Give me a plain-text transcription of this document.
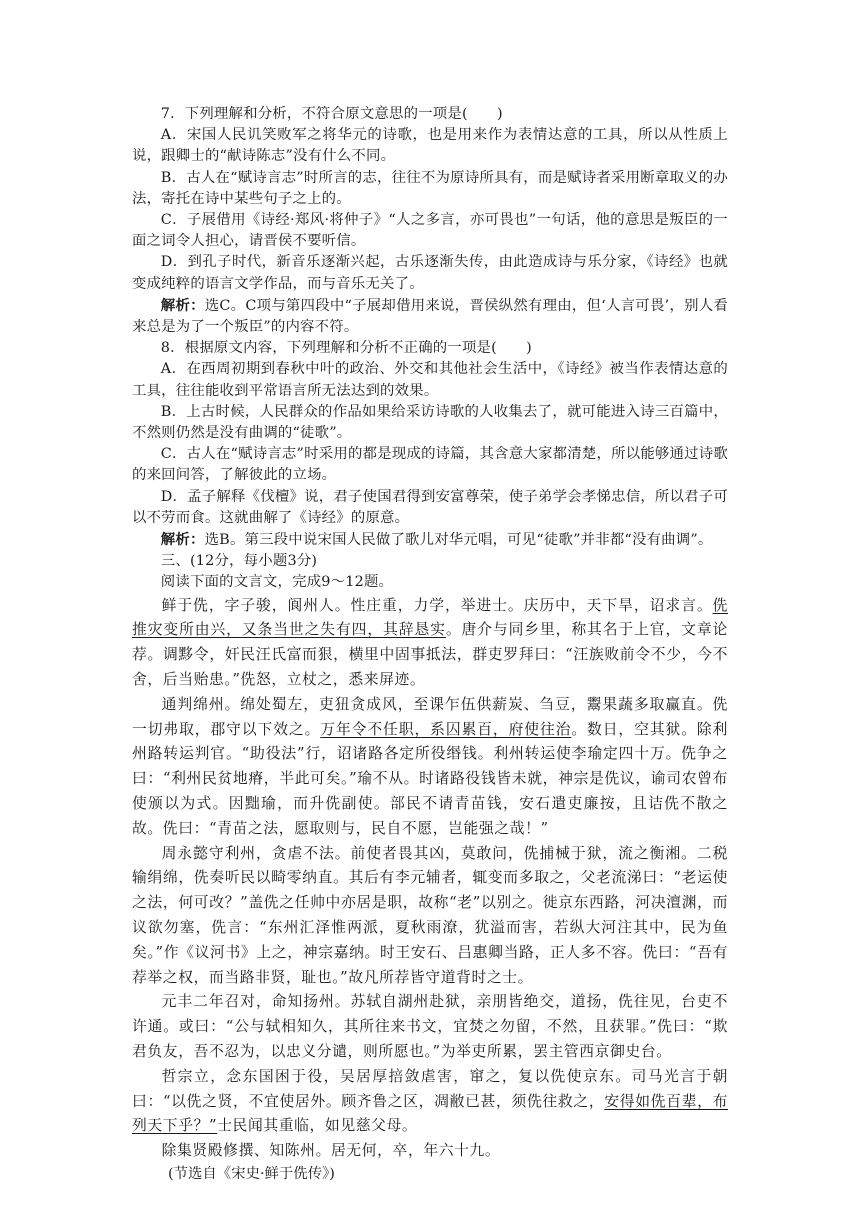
7．下列理解和分析，不符合原文意思的一项是(　　)

A．宋国人民讥笑败军之将华元的诗歌，也是用来作为表情达意的工具，所以从性质上说，跟卿士的“献诗陈志”没有什么不同。

B．古人在“赋诗言志”时所言的志，往往不为原诗所具有，而是赋诗者采用断章取义的办法，寄托在诗中某些句子之上的。

C．子展借用《诗经·郑风·将仲子》“人之多言，亦可畏也”一句话，他的意思是叛臣的一面之词令人担心，请晋侯不要听信。

D．到孔子时代，新音乐逐渐兴起，古乐逐渐失传，由此造成诗与乐分家，《诗经》也就变成纯粹的语言文学作品，而与音乐无关了。

解析：选C。C项与第四段中“子展却借用来说，晋侯纵然有理由，但‘人言可畏’，别人看来总是为了一个叛臣”的内容不符。

8．根据原文内容，下列理解和分析不正确的一项是(　　)

A．在西周初期到春秋中叶的政治、外交和其他社会生活中，《诗经》被当作表情达意的工具，往往能收到平常语言所无法达到的效果。

B．上古时候，人民群众的作品如果给采访诗歌的人收集去了，就可能进入诗三百篇中，不然则仍然是没有曲调的“徒歌”。

C．古人在“赋诗言志”时采用的都是现成的诗篇，其含意大家都清楚，所以能够通过诗歌的来回问答，了解彼此的立场。

D．孟子解释《伐檀》说，君子使国君得到安富尊荣，使子弟学会孝悌忠信，所以君子可以不劳而食。这就曲解了《诗经》的原意。

解析：选B。第三段中说宋国人民做了歌儿对华元唱，可见“徒歌”并非都“没有曲调”。

三、(12分，每小题3分)

阅读下面的文言文，完成9～12题。

鲜于侁，字子骏，阆州人。性庄重，力学，举进士。庆历中，天下旱，诏求言。侁推灾变所由兴，又条当世之失有四，其辞恳实。唐介与同乡里，称其名于上官，文章论荐。调黟令，奸民汪氏富而狠，横里中固事抵法，群吏罗拜曰：“汪族败前令不少，今不舍，后当贻患。”侁怒，立杖之，悉来屏迹。

通判绵州。绵处蜀左，吏狃贪成风，至课乍伍供薪炭、刍豆，鬻果蔬多取赢直。侁一切弗取，郡守以下效之。万年令不任职，系囚累百，府使往治。数日，空其狱。除利州路转运判官。“助役法”行，诏诸路各定所役缗钱。利州转运使李瑜定四十万。侁争之曰：“利州民贫地瘠，半此可矣。”瑜不从。时诸路役钱皆未就，神宗是侁议，谕司农曾布使颁以为式。因黜瑜，而升侁副使。部民不请青苗钱，安石遣吏廉按，且诘侁不散之故。侁曰：“青苗之法，愿取则与，民自不愿，岂能强之哉！”

周永懿守利州，贪虐不法。前使者畏其凶，莫敢问，侁捕械于狱，流之衡湘。二税输绢绵，侁奏听民以畸零纳直。其后有李元辅者，辄变而多取之，父老流涕曰：“老运使之法，何可改？”盖侁之任帅中亦居是职，故称“老”以别之。徙京东西路，河决澶渊，而议欲勿塞，侁言：“东州汇泽惟两派，夏秋雨潦，犹溢而害，若纵大河注其中，民为鱼矣。”作《议河书》上之，神宗嘉纳。时王安石、吕惠卿当路，正人多不容。侁曰：“吾有荐举之权，而当路非贤，耻也。”故凡所荐皆守道背时之士。

元丰二年召对，命知扬州。苏轼自湖州赴狱，亲朋皆绝交，道扬，侁往见，台吏不许通。或曰：“公与轼相知久，其所往来书文，宜焚之勿留，不然，且获罪。”侁曰：“欺君负友，吾不忍为，以忠义分谴，则所愿也。”为举吏所累，罢主管西京御史台。

哲宗立，念东国困于役，吴居厚掊敛虐害，窜之，复以侁使京东。司马光言于朝曰：“以侁之贤，不宜使居外。顾齐鲁之区，凋敝已甚，须侁往救之，安得如侁百辈，布列天下乎？”士民闻其重临，如见慈父母。

除集贤殿修撰、知陈州。居无何，卒，年六十九。

(节选自《宋史·鲜于侁传》)
